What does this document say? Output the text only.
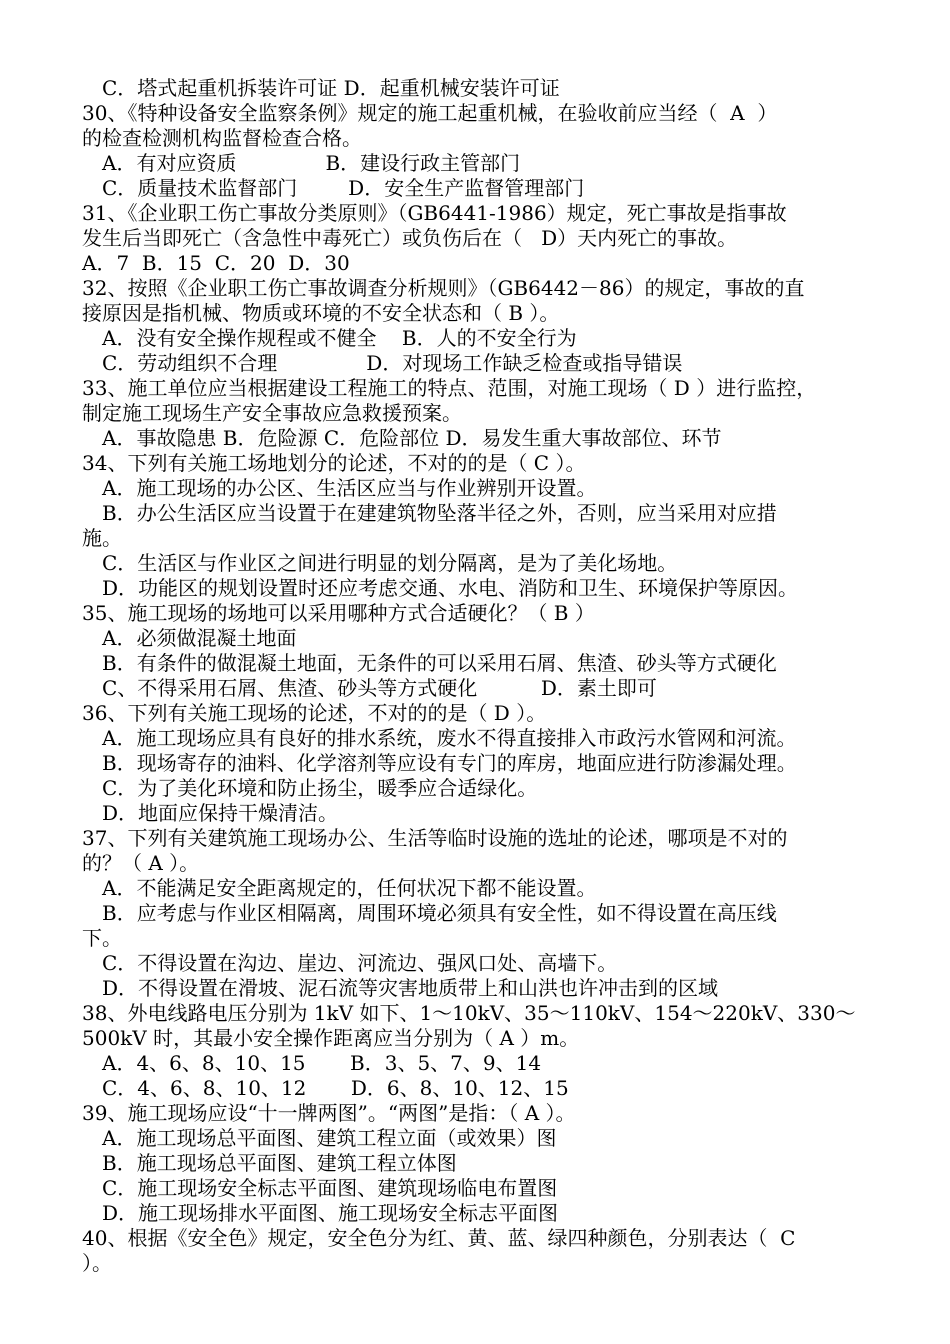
C．塔式起重机拆装许可证 D．起重机械安装许可证
30、《特种设备安全监察条例》规定的施工起重机械，在验收前应当经（  A  ）
的检查检测机构监督检查合格。
A．有对应资质              B．建设行政主管部门
C．质量技术监督部门        D．安全生产监督管理部门
31、《企业职工伤亡事故分类原则》（GB6441-1986）规定，死亡事故是指事故
发生后当即死亡（含急性中毒死亡）或负伤后在（   D）天内死亡的事故。
A．7  B．15  C．20  D．30
32、按照《企业职工伤亡事故调查分析规则》（GB6442－86）的规定，事故的直
接原因是指机械、物质或环境的不安全状态和（ B ）。
A．没有安全操作规程或不健全    B．人的不安全行为
C．劳动组织不合理              D．对现场工作缺乏检查或指导错误
33、施工单位应当根据建设工程施工的特点、范围，对施工现场（ D ）进行监控，
制定施工现场生产安全事故应急救援预案。
A．事故隐患 B．危险源 C．危险部位 D．易发生重大事故部位、环节
34、下列有关施工场地划分的论述，不对的的是（ C ）。
A．施工现场的办公区、生活区应当与作业辨别开设置。
B．办公生活区应当设置于在建建筑物坠落半径之外，否则，应当采用对应措
施。
C．生活区与作业区之间进行明显的划分隔离，是为了美化场地。
D．功能区的规划设置时还应考虑交通、水电、消防和卫生、环境保护等原因。
35、施工现场的场地可以采用哪种方式合适硬化？（ B ）
A．必须做混凝土地面
B．有条件的做混凝土地面，无条件的可以采用石屑、焦渣、砂头等方式硬化
C、不得采用石屑、焦渣、砂头等方式硬化          D．素土即可
36、下列有关施工现场的论述，不对的的是（ D ）。
A．施工现场应具有良好的排水系统，废水不得直接排入市政污水管网和河流。
B．现场寄存的油料、化学溶剂等应设有专门的库房，地面应进行防渗漏处理。
C．为了美化环境和防止扬尘，暖季应合适绿化。
D．地面应保持干燥清洁。
37、下列有关建筑施工现场办公、生活等临时设施的选址的论述，哪项是不对的
的？（ A ）。
A．不能满足安全距离规定的，任何状况下都不能设置。
B．应考虑与作业区相隔离，周围环境必须具有安全性，如不得设置在高压线
下。
C．不得设置在沟边、崖边、河流边、强风口处、高墙下。
D．不得设置在滑坡、泥石流等灾害地质带上和山洪也许冲击到的区域
38、外电线路电压分别为 1kV 如下、1～10kV、35～110kV、154～220kV、330～
500kV 时，其最小安全操作距离应当分别为（ A ）m。
A．4、6、8、10、15       B．3、5、7、9、14
C．4、6、8、10、12       D．6、8、10、12、15
39、施工现场应设“十一牌两图”。“两图”是指：（ A ）。
A．施工现场总平面图、建筑工程立面（或效果）图
B．施工现场总平面图、建筑工程立体图
C．施工现场安全标志平面图、建筑现场临电布置图
D．施工现场排水平面图、施工现场安全标志平面图
40、根据《安全色》规定，安全色分为红、黄、蓝、绿四种颜色，分别表达（  C
）。
